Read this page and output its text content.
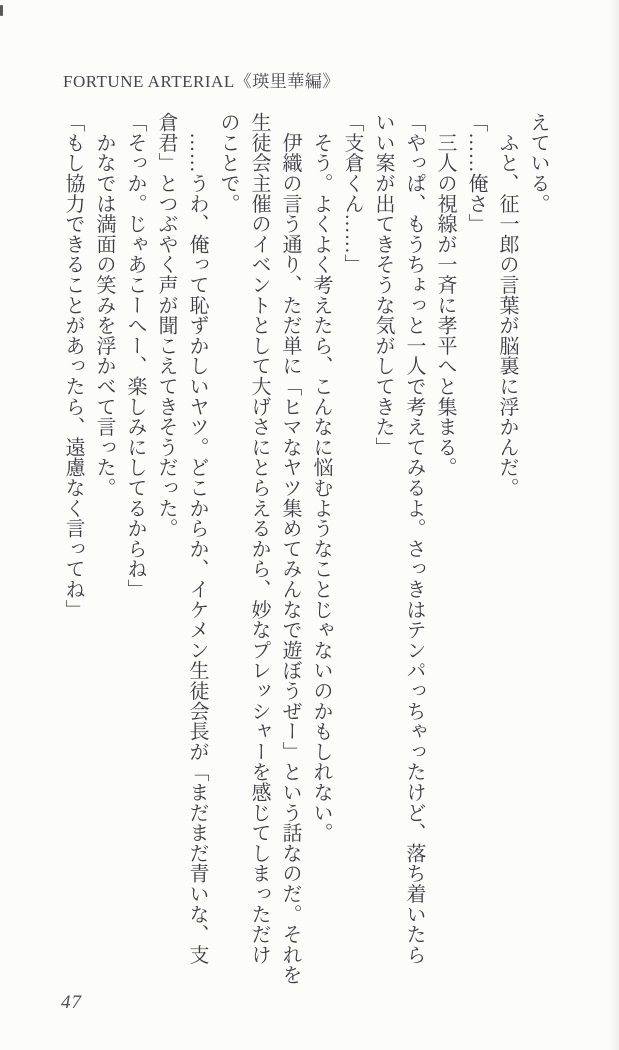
FORTUNE ARTERIAL《瑛里華編》
えている。
　ふと、征一郎の言葉が脳裏に浮かんだ。
「……俺さ」
　三人の視線が一斉に孝平へと集まる。
「やっぱ、もうちょっと一人で考えてみるよ。さっきはテンパっちゃったけど、落ち着いたら
いい案が出てきそうな気がしてきた」
「支倉くん……」
　そう。よくよく考えたら、こんなに悩むようなことじゃないのかもしれない。
　伊織の言う通り、ただ単に「ヒマなヤツ集めてみんなで遊ぼうぜー」という話なのだ。それを
生徒会主催のイベントとして大げさにとらえるから、妙なプレッシャーを感じてしまっただけ
のことで。
　……うわ、俺って恥ずかしいヤツ。どこからか、イケメン生徒会長が「まだまだ青いな、支
倉君」とつぶやく声が聞こえてきそうだった。
「そっか。じゃあこーへー、楽しみにしてるからね」
　かなでは満面の笑みを浮かべて言った。
「もし協力できることがあったら、遠慮なく言ってね」
47
